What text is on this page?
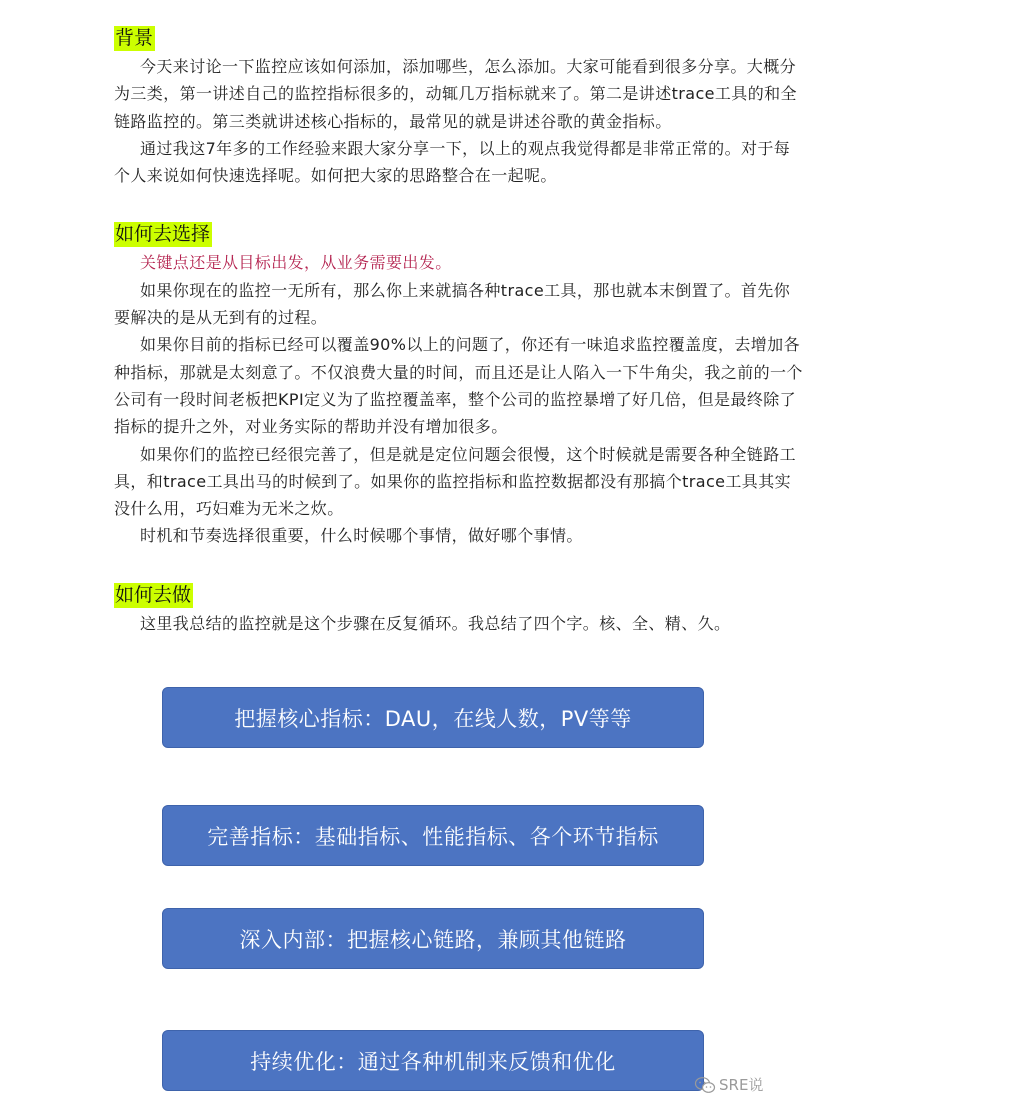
背景

今天来讨论一下监控应该如何添加，添加哪些，怎么添加。大家可能看到很多分享。大概分为三类，第一讲述自己的监控指标很多的，动辄几万指标就来了。第二是讲述trace工具的和全链路监控的。第三类就讲述核心指标的，最常见的就是讲述谷歌的黄金指标。

通过我这7年多的工作经验来跟大家分享一下，以上的观点我觉得都是非常正常的。对于每个人来说如何快速选择呢。如何把大家的思路整合在一起呢。

如何去选择

关键点还是从目标出发，从业务需要出发。

如果你现在的监控一无所有，那么你上来就搞各种trace工具，那也就本末倒置了。首先你要解决的是从无到有的过程。

如果你目前的指标已经可以覆盖90%以上的问题了，你还有一味追求监控覆盖度，去增加各种指标，那就是太刻意了。不仅浪费大量的时间，而且还是让人陷入一下牛角尖，我之前的一个公司有一段时间老板把KPI定义为了监控覆盖率，整个公司的监控暴增了好几倍，但是最终除了指标的提升之外，对业务实际的帮助并没有增加很多。

如果你们的监控已经很完善了，但是就是定位问题会很慢，这个时候就是需要各种全链路工具，和trace工具出马的时候到了。如果你的监控指标和监控数据都没有那搞个trace工具其实没什么用，巧妇难为无米之炊。

时机和节奏选择很重要，什么时候哪个事情，做好哪个事情。

如何去做

这里我总结的监控就是这个步骤在反复循环。我总结了四个字。核、全、精、久。

把握核心指标：DAU，在线人数，PV等等
完善指标：基础指标、性能指标、各个环节指标
深入内部：把握核心链路，兼顾其他链路
持续优化：通过各种机制来反馈和优化
SRE说
